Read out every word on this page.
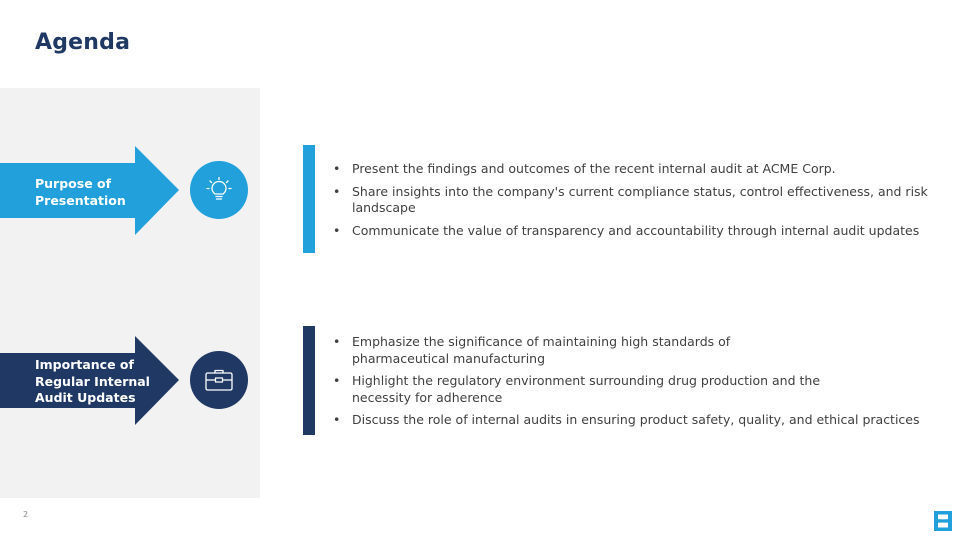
Agenda
Purpose of Presentation
• Present the findings and outcomes of the recent internal audit at ACME Corp.
• Share insights into the company's current compliance status, control effectiveness, and risk landscape
• Communicate the value of transparency and accountability through internal audit updates
Importance of Regular Internal Audit Updates
• Emphasize the significance of maintaining high standards of pharmaceutical manufacturing
• Highlight the regulatory environment surrounding drug production and the necessity for adherence
• Discuss the role of internal audits in ensuring product safety, quality, and ethical practices
2
